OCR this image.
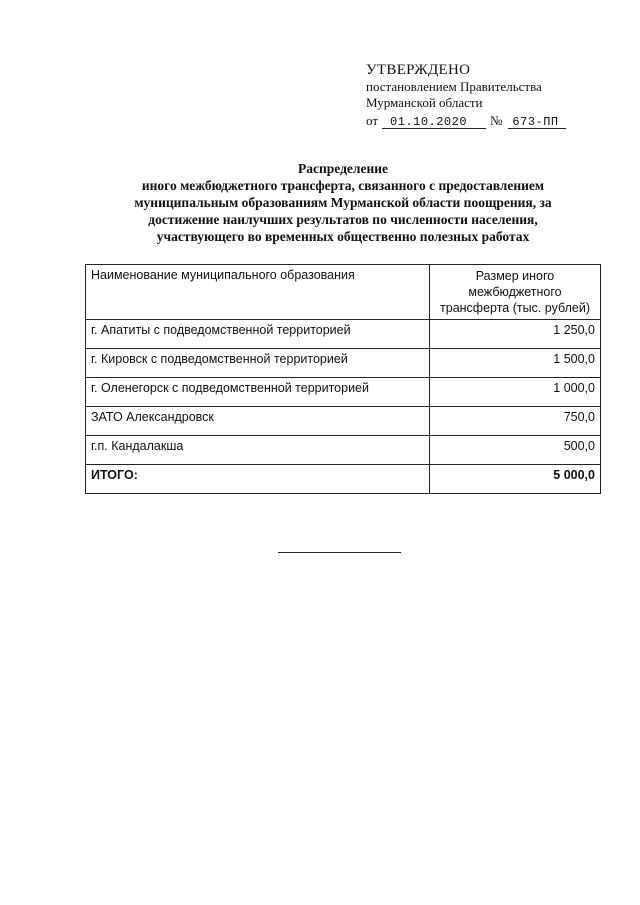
УТВЕРЖДЕНО
постановлением Правительства
Мурманской области
от	01.10.2020	№ 673-ПП
Распределение
иного межбюджетного трансферта, связанного с предоставлением
муниципальным образованиям Мурманской области поощрения, за
достижение наилучших результатов по численности населения,
участвующего во временных общественно полезных работах
Наименование муниципального образования	Размер иного межбюджетного трансферта (тыс. рублей)
г. Апатиты с подведомственной территорией	1 250,0
г. Кировск с подведомственной территорией	1 500,0
г. Оленегорск с подведомственной территорией	1 000,0
ЗАТО Александровск	750,0
г.п. Кандалакша	500,0
ИТОГО:	5 000,0
